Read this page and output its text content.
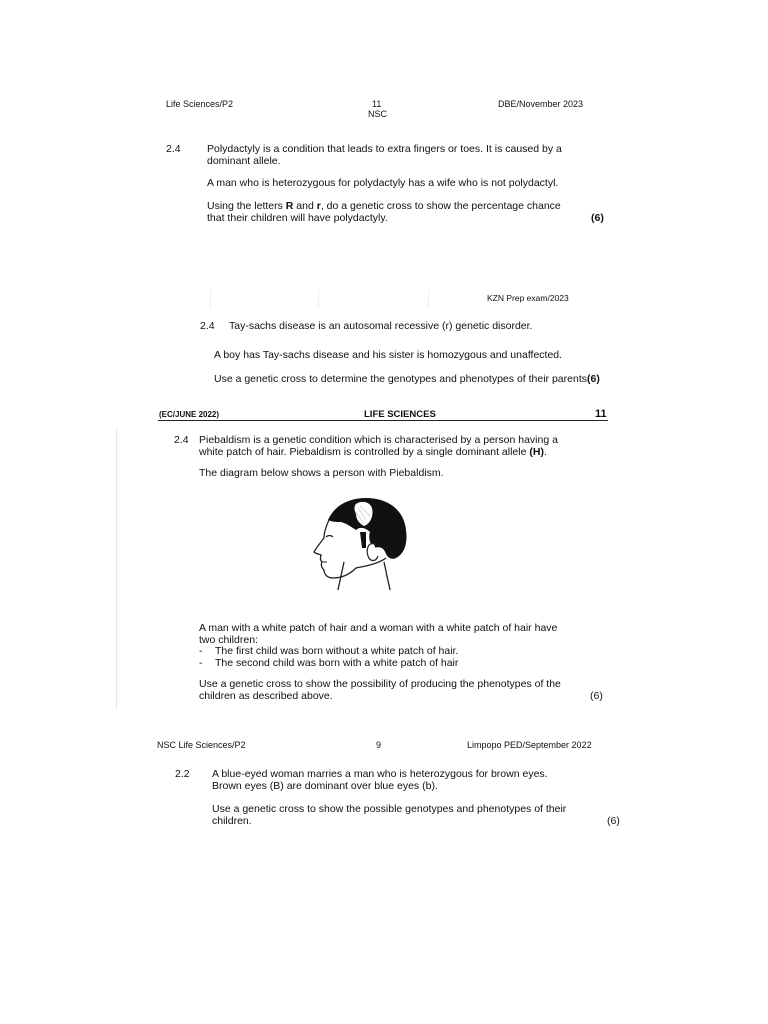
Life Sciences/P2	11
NSC
DBE/November 2023
2.4	Polydactyly is a condition that leads to extra fingers or toes. It is caused by a
dominant allele.
A man who is heterozygous for polydactyly has a wife who is not polydactyl.
Using the letters R and r, do a genetic cross to show the percentage chance
that their children will have polydactyly.	(6)
KZN Prep exam/2023
2.4 Tay-sachs disease is an autosomal recessive (r) genetic disorder.
A boy has Tay-sachs disease and his sister is homozygous and unaffected.
Use a genetic cross to determine the genotypes and phenotypes of their parents.
(6)
(EC/JUNE 2022)	LIFE SCIENCES	11
2.4 Piebaldism is a genetic condition which is characterised by a person having a
white patch of hair. Piebaldism is controlled by a single dominant allele (H).
The diagram below shows a person with Piebaldism.
A man with a white patch of hair and a woman with a white patch of hair have
two children:
- The first child was born without a white patch of hair.
- The second child was born with a white patch of hair
Use a genetic cross to show the possibility of producing the phenotypes of the
children as described above.	(6)
NSC Life Sciences/P2	9	Limpopo PED/September 2022
2.2 A blue-eyed woman marries a man who is heterozygous for brown eyes.
Brown eyes (B) are dominant over blue eyes (b).
Use a genetic cross to show the possible genotypes and phenotypes of their
children.	(6)
